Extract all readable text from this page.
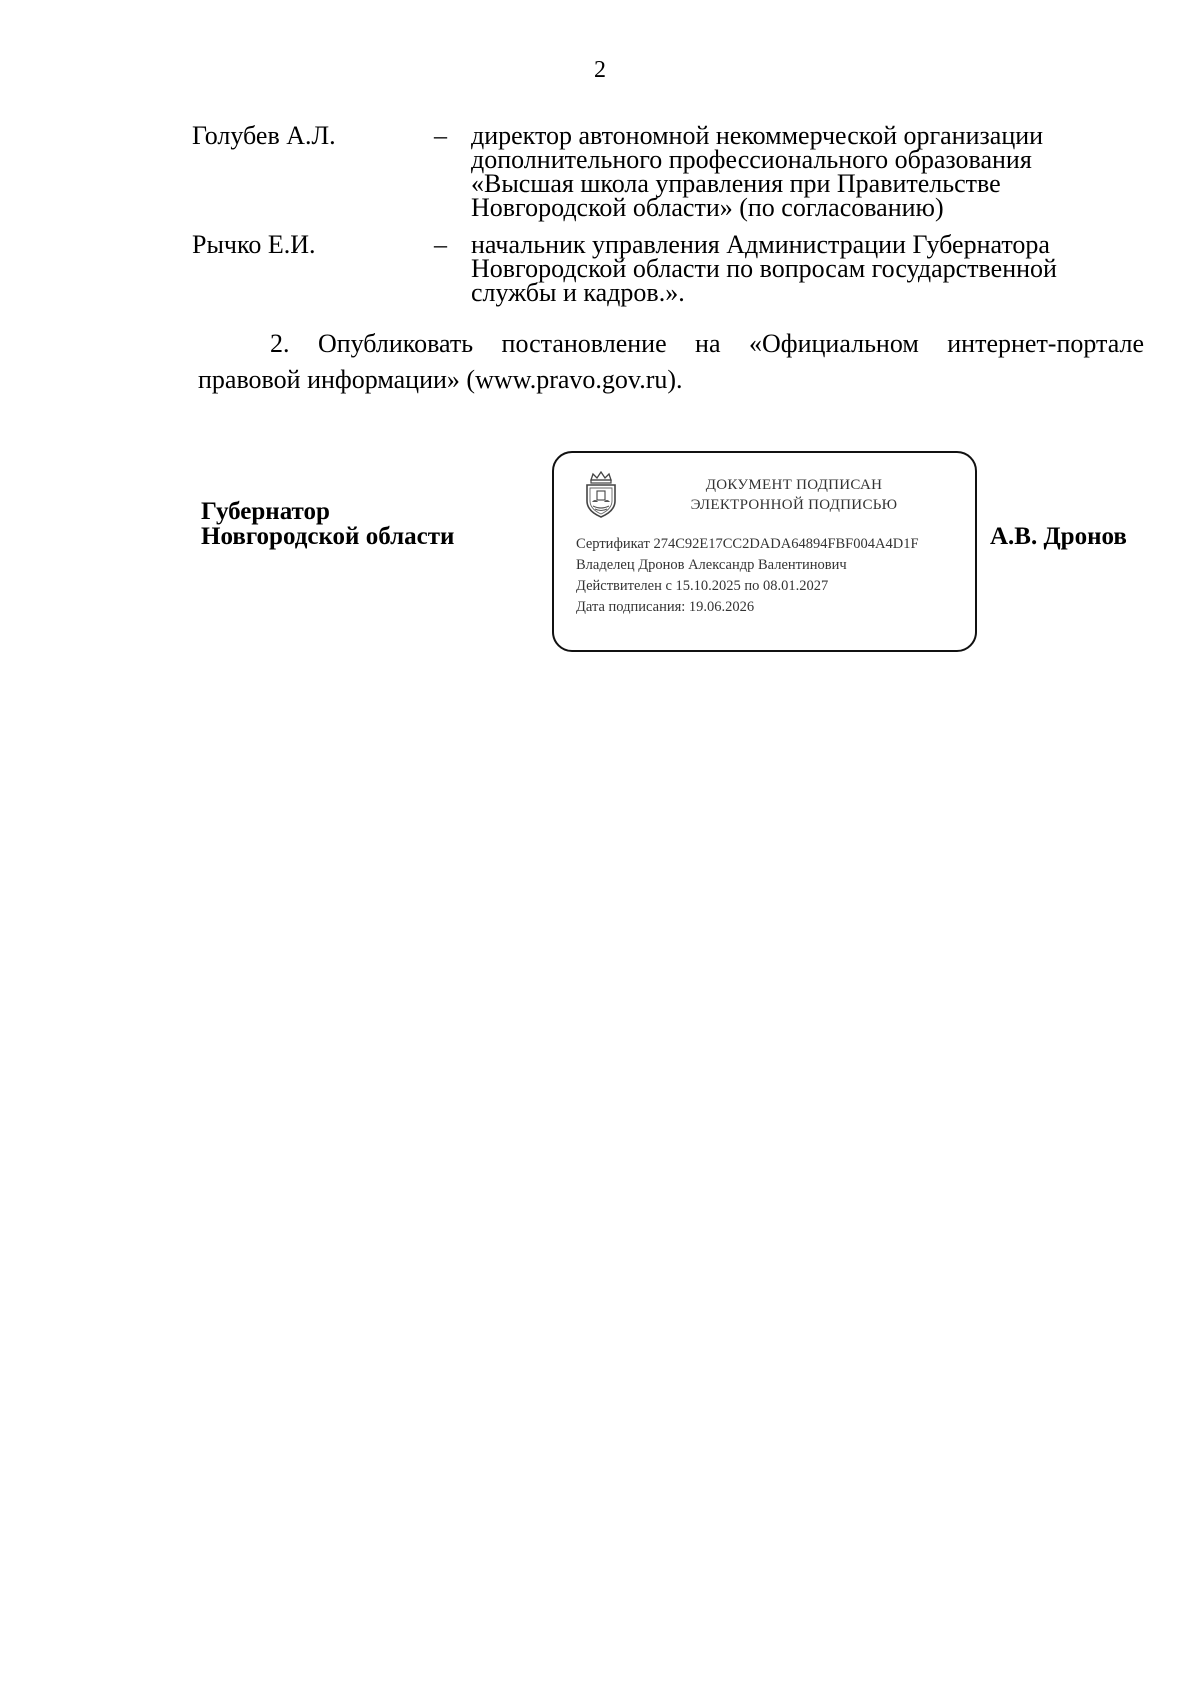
2
Голубев А.Л.	– директор автономной некоммерческой организации
дополнительного профессионального образования
«Высшая школа управления при Правительстве
Новгородской области» (по согласованию)
Рычко Е.И.	– начальник управления Администрации Губернатора
Новгородской области по вопросам государственной
службы и кадров.».
2. Опубликовать постановление на «Официальном интернет-портале
правовой информации» (www.pravo.gov.ru).
Губернатор
Новгородской области
ДОКУМЕНТ ПОДПИСАН
ЭЛЕКТРОННОЙ ПОДПИСЬЮ
Сертификат 274C92E17CC2DADA64894FBF004A4D1F
Владелец Дронов Александр Валентинович
Действителен с 15.10.2025 по 08.01.2027
Дата подписания: 19.06.2026
А.В. Дронов
